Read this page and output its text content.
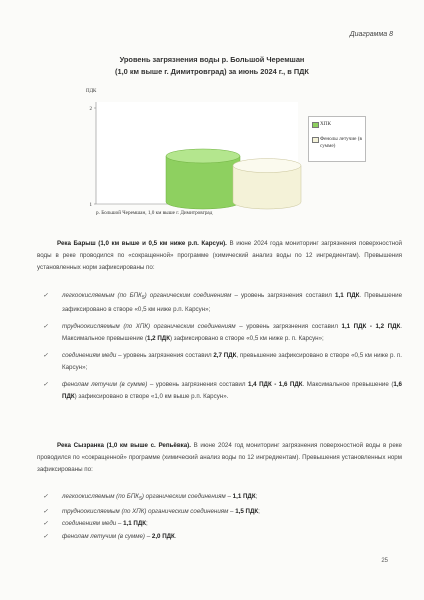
Диаграмма 8
Уровень загрязнения воды р. Большой Черемшан
(1,0 км выше г. Димитровград) за июнь 2024 г., в ПДК
ПДК
1
2
ХПК
Фенолы летучие (в сумме)
р. Большой Черемшан, 1,0 км выше г. Димитровград

Река Барыш (1,0 км выше и 0,5 км ниже р.п. Карсун). В июне 2024 года мониторинг загрязнения поверхностной воды в реке проводился по «сокращенной» программе (химический анализ воды по 12 ингредиентам). Превышения установленных норм зафиксированы по:

✓ легкоокисляемым (по $БПК_5$) органическим соединениям – уровень загрязнения составил 1,1 ПДК. Превышение зафиксировано в створе «0,5 км ниже р.п. Карсун»;
✓ трудноокисляемым (по ХПК) органическим соединениям – уровень загрязнения составил 1,1 ПДК - 1,2 ПДК. Максимальное превышение (1,2 ПДК) зафиксировано в створе «0,5 км ниже р. п. Карсун»;
✓ соединениям меди – уровень загрязнения составил 2,7 ПДК, превышение зафиксировано в створе «0,5 км ниже р. п. Карсун»;
✓ фенолам летучим (в сумме) – уровень загрязнения составил 1,4 ПДК - 1,6 ПДК. Максимальное превышение (1,6 ПДК) зафиксировано в створе «1,0 км выше р.п. Карсун».

Река Сызранка (1,0 км выше с. Репьёвка). В июне 2024 год мониторинг загрязнения поверхностной воды в реке проводился по «сокращенной» программе (химический анализ воды по 12 ингредиентам). Превышения установленных норм зафиксированы по:

✓ легкоокисляемым (по $БПК_5$) органическим соединениям – 1,1 ПДК;
✓ трудноокисляемым (по ХПК) органическим соединениям – 1,5 ПДК;
✓ соединениям меди – 1,1 ПДК;
✓ фенолам летучим (в сумме) – 2,0 ПДК.
25
